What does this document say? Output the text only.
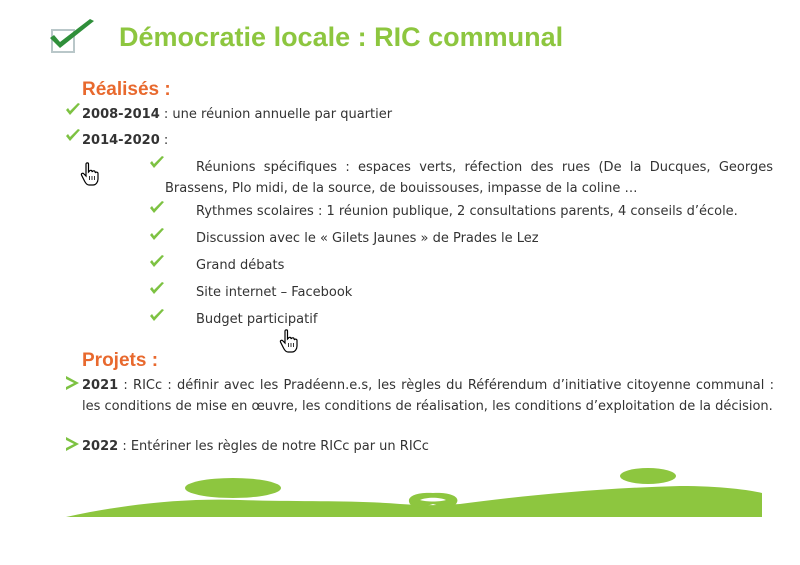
Démocratie locale : RIC communal
Réalisés :
2008-2014 : une réunion annuelle par quartier
2014-2020 :
Réunions spécifiques : espaces verts, réfection des rues (De la Ducques, Georges Brassens, Plo midi, de la source, de bouissouses, impasse de la coline …
Rythmes scolaires : 1 réunion publique, 2 consultations parents, 4 conseils d’école.
Discussion avec le « Gilets Jaunes » de Prades le Lez
Grand débats
Site internet – Facebook
Budget participatif
Projets :
2021 : RICc : définir avec les Pradéenn.e.s, les règles du Référendum d’initiative citoyenne communal : les conditions de mise en œuvre, les conditions de réalisation, les conditions d’exploitation de la décision.
2022 : Entériner les règles de notre RICc par un RICc
